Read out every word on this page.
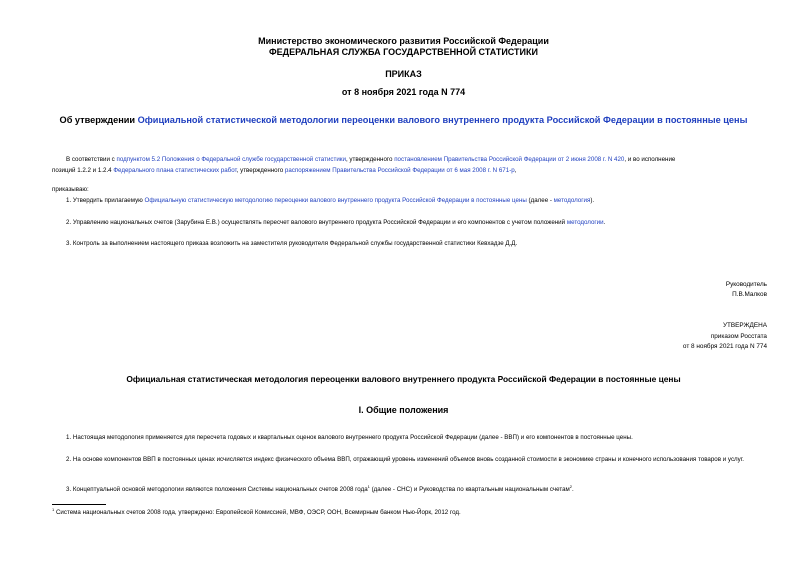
Министерство экономического развития Российской Федерации
ФЕДЕРАЛЬНАЯ СЛУЖБА ГОСУДАРСТВЕННОЙ СТАТИСТИКИ
ПРИКАЗ
от 8 ноября 2021 года N 774
Об утверждении Официальной статистической методологии переоценки валового внутреннего продукта Российской Федерации в постоянные цены
В соответствии с подпунктом 5.2 Положения о Федеральной службе государственной статистики, утвержденного постановлением Правительства Российской Федерации от 2 июня 2008 г. N 420, и во исполнение
позиций 1.2.2 и 1.2.4 Федерального плана статистических работ, утвержденного распоряжением Правительства Российской Федерации от 6 мая 2008 г. N 671-р,
приказываю:
1. Утвердить прилагаемую Официальную статистическую методологию переоценки валового внутреннего продукта Российской Федерации в постоянные цены (далее - методология).
2. Управлению национальных счетов (Зарубина Е.В.) осуществлять пересчет валового внутреннего продукта Российской Федерации и его компонентов с учетом положений методологии.
3. Контроль за выполнением настоящего приказа возложить на заместителя руководителя Федеральной службы государственной статистики Кевхадзе Д.Д.
Руководитель
П.В.Малков
УТВЕРЖДЕНА
приказом Росстата
от 8 ноября 2021 года N 774
Официальная статистическая методология переоценки валового внутреннего продукта Российской Федерации в постоянные цены
I. Общие положения
1. Настоящая методология применяется для пересчета годовых и квартальных оценок валового внутреннего продукта Российской Федерации (далее - ВВП) и его компонентов в постоянные цены.
2. На основе компонентов ВВП в постоянных ценах исчисляется индекс физического объема ВВП, отражающий уровень изменений объемов вновь созданной стоимости в экономике страны и конечного использования товаров и услуг.
3. Концептуальной основой методологии являются положения Системы национальных счетов 2008 года$^1$ (далее - СНС) и Руководства по квартальным национальным счетам$^2$.
$^1$ Система национальных счетов 2008 года, утверждено: Европейской Комиссией, МВФ, ОЭСР, ООН, Всемирным банком Нью-Йорк, 2012 год.
